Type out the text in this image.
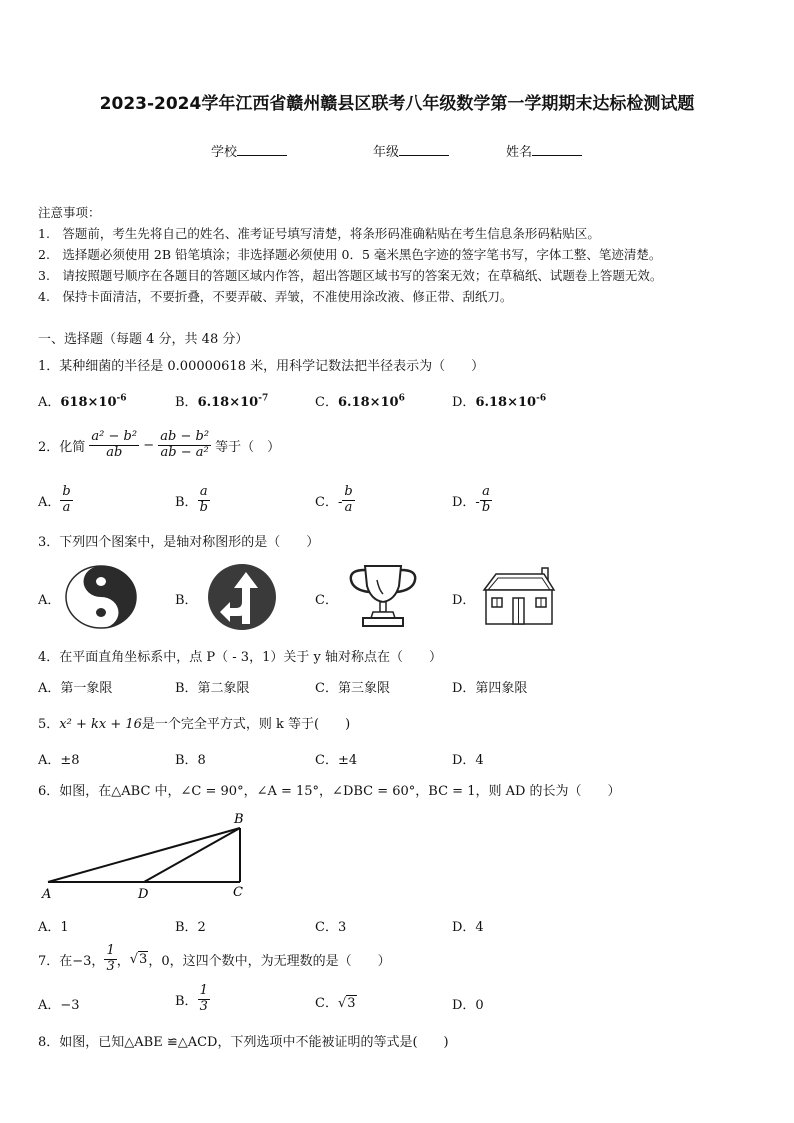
2023-2024学年江西省赣州赣县区联考八年级数学第一学期期末达标检测试题
学校	年级	姓名
注意事项：
1.　答题前，考生先将自己的姓名、准考证号填写清楚，将条形码准确粘贴在考生信息条形码粘贴区。
2.　选择题必须使用 2B 铅笔填涂；非选择题必须使用 0．5 毫米黑色字迹的签字笔书写，字体工整、笔迹清楚。
3.　请按照题号顺序在各题目的答题区域内作答，超出答题区域书写的答案无效；在草稿纸、试题卷上答题无效。
4.　保持卡面清洁，不要折叠，不要弄破、弄皱，不准使用涂改液、修正带、刮纸刀。
一、选择题（每题 4 分，共 48 分）
1．某种细菌的半径是 0.00000618 米，用科学记数法把半径表示为（　　）
A．$618\times 10^{-6}$	B．$6.18\times 10^{-7}$	C．$6.18\times 10^6$	D．$6.18\times 10^{-6}$
2．化简 $\frac{\text{a² − b²}}{ab} - \frac{\text{ab − b²}}{\text{ab − a²}}$ 等于（　）
A． $\frac{b}{a}$	B． $\frac{a}{b}$	C．- $\frac{b}{a}$	D．- $\frac{a}{b}$
3．下列四个图案中，是轴对称图形的是（　　）
A．	B．	C．	D．
4．在平面直角坐标系中，点 P（ - 3，1）关于 y 轴对称点在（　　）
A．第一象限	B．第二象限	C．第三象限	D．第四象限
5．x² + kx + 16是一个完全平方式，则 k 等于(　　)
A．±8	B．8	C．±4	D．4
6．如图，在△ABC 中，∠C = 90°，∠A = 15°，∠DBC = 60°，BC = 1，则 AD 的长为（　　）
A	D	C
B
A．1	B．2	C．3	D．4
7．在−3， $\frac{1}{3}$ ，√3，0，这四个数中，为无理数的是（　　）
A．−3	B． $\frac{1}{3}$	C．√3	D．0
8．如图，已知△ABE ≌△ACD，下列选项中不能被证明的等式是(　　)
